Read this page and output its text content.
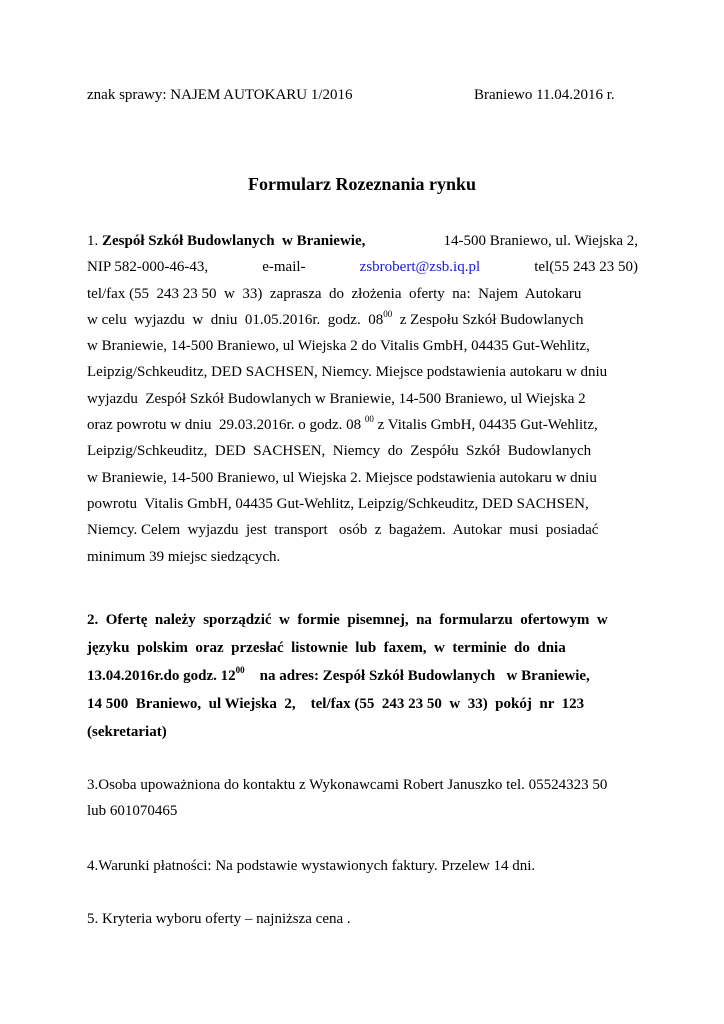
znak sprawy: NAJEM AUTOKARU 1/2016	Braniewo 11.04.2016 r.
Formularz Rozeznania rynku
1. Zespół Szkół Budowlanych  w Braniewie,	14-500 Braniewo, ul. Wiejska 2,
NIP 582-000-46-43,	e-mail-	zsbrobert@zsb.iq.pl	tel(55 243 23 50)
tel/fax (55  243 23 50  w  33)  zaprasza  do  złożenia  oferty  na:  Najem  Autokaru
w celu  wyjazdu  w  dniu  01.05.2016r.  godz.  $08^{00}$  z Zespołu Szkół Budowlanych
w Braniewie, 14-500 Braniewo, ul Wiejska 2 do Vitalis GmbH, 04435 Gut-Wehlitz,
Leipzig/Schkeuditz, DED SACHSEN, Niemcy. Miejsce podstawienia autokaru w dniu
wyjazdu  Zespół Szkół Budowlanych w Braniewie, 14-500 Braniewo, ul Wiejska 2
oraz powrotu w dniu  29.03.2016r. o godz. 08 $^{00}$ z Vitalis GmbH, 04435 Gut-Wehlitz,
Leipzig/Schkeuditz,  DED  SACHSEN,  Niemcy  do  Zespółu  Szkół  Budowlanych
w Braniewie, 14-500 Braniewo, ul Wiejska 2. Miejsce podstawienia autokaru w dniu
powrotu  Vitalis GmbH, 04435 Gut-Wehlitz, Leipzig/Schkeuditz, DED SACHSEN,
Niemcy. Celem  wyjazdu  jest  transport   osób  z  bagażem.  Autokar  musi  posiadać
minimum 39 miejsc siedzących.
2.  Ofertę  należy  sporządzić  w  formie  pisemnej,  na  formularzu  ofertowym  w
języku  polskim  oraz  przesłać  listownie  lub  faxem,  w  terminie  do  dnia
13.04.2016r.do godz. $12^{00}$    na adres: Zespół Szkół Budowlanych   w Braniewie,
14 500  Braniewo,  ul Wiejska  2,    tel/fax (55  243 23 50  w  33)  pokój  nr  123
(sekretariat)
3.Osoba upoważniona do kontaktu z Wykonawcami Robert Januszko tel. 05524323 50
lub 601070465
4.Warunki płatności: Na podstawie wystawionych faktury. Przelew 14 dni.
5. Kryteria wyboru oferty – najniższa cena .
